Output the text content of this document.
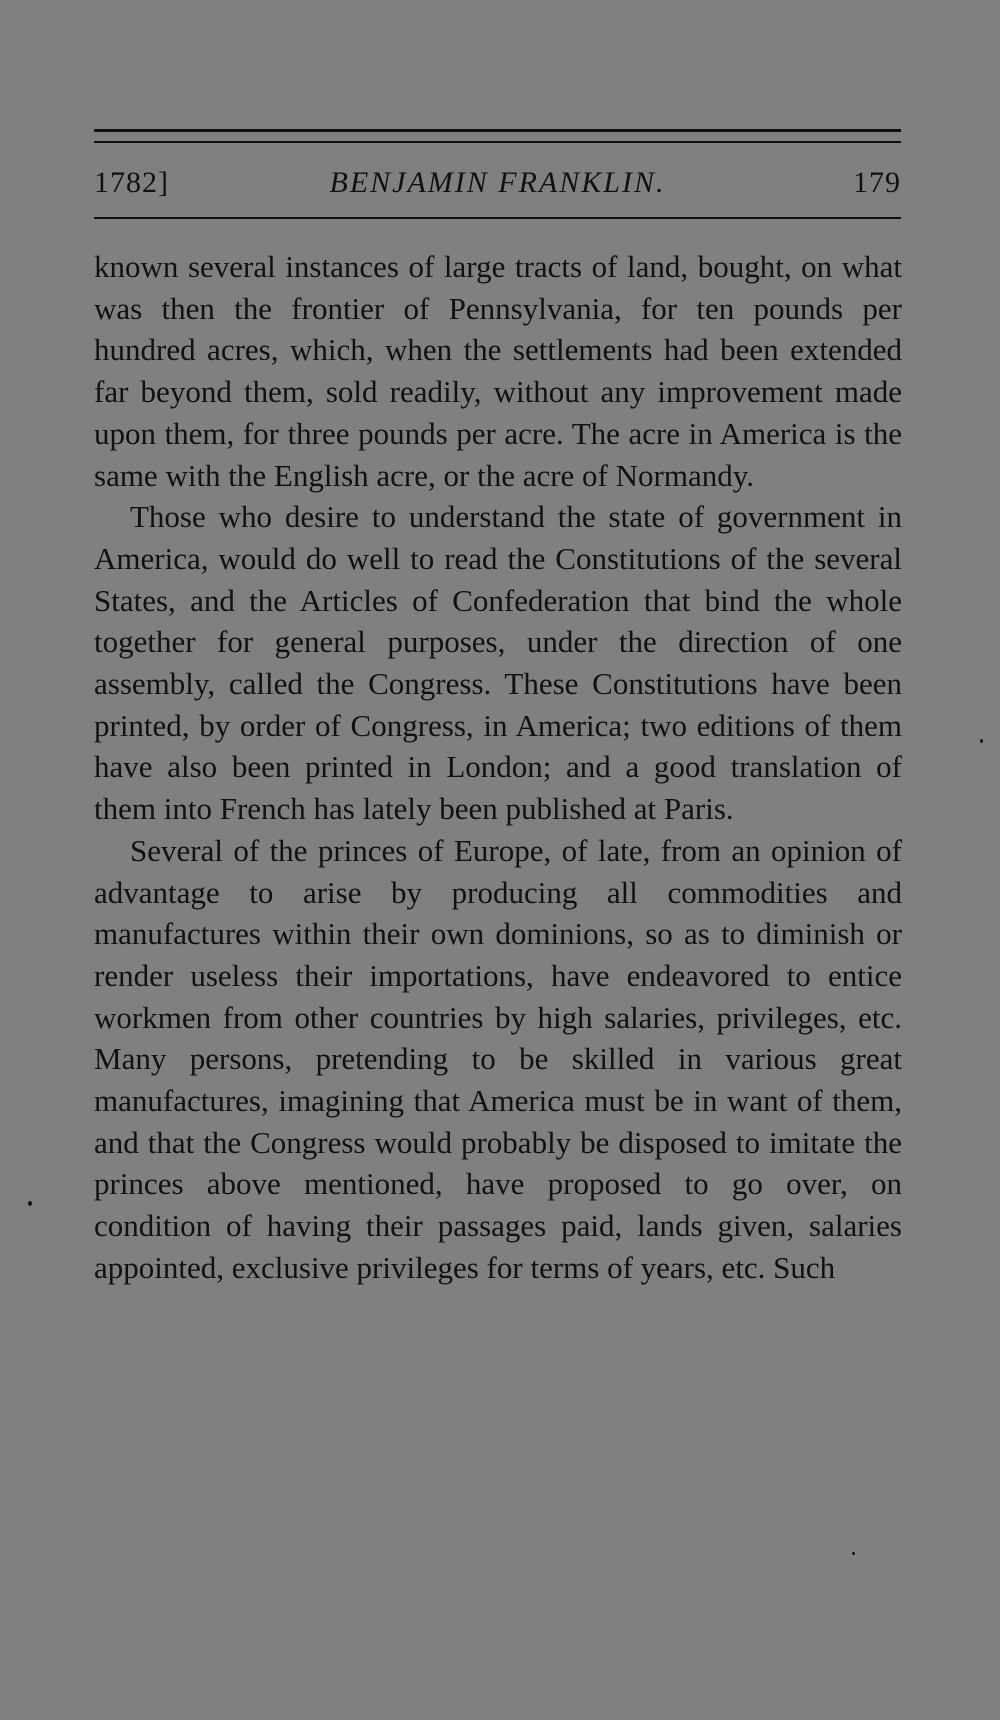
1782]	BENJAMIN FRANKLIN.	179

known several instances of large tracts of land, bought, on what was then the frontier of Pennsylvania, for ten pounds per hundred acres, which, when the settlements had been extended far beyond them, sold readily, without any improvement made upon them, for three pounds per acre. The acre in America is the same with the English acre, or the acre of Normandy.

Those who desire to understand the state of government in America, would do well to read the Constitutions of the several States, and the Articles of Confederation that bind the whole together for general purposes, under the direction of one assembly, called the Congress. These Constitutions have been printed, by order of Congress, in America; two editions of them have also been printed in London; and a good translation of them into French has lately been published at Paris.

Several of the princes of Europe, of late, from an opinion of advantage to arise by producing all commodities and manufactures within their own dominions, so as to diminish or render useless their importations, have endeavored to entice workmen from other countries by high salaries, privileges, etc. Many persons, pretending to be skilled in various great manufactures, imagining that America must be in want of them, and that the Congress would probably be disposed to imitate the princes above mentioned, have proposed to go over, on condition of having their passages paid, lands given, salaries appointed, exclusive privileges for terms of years, etc. Such
